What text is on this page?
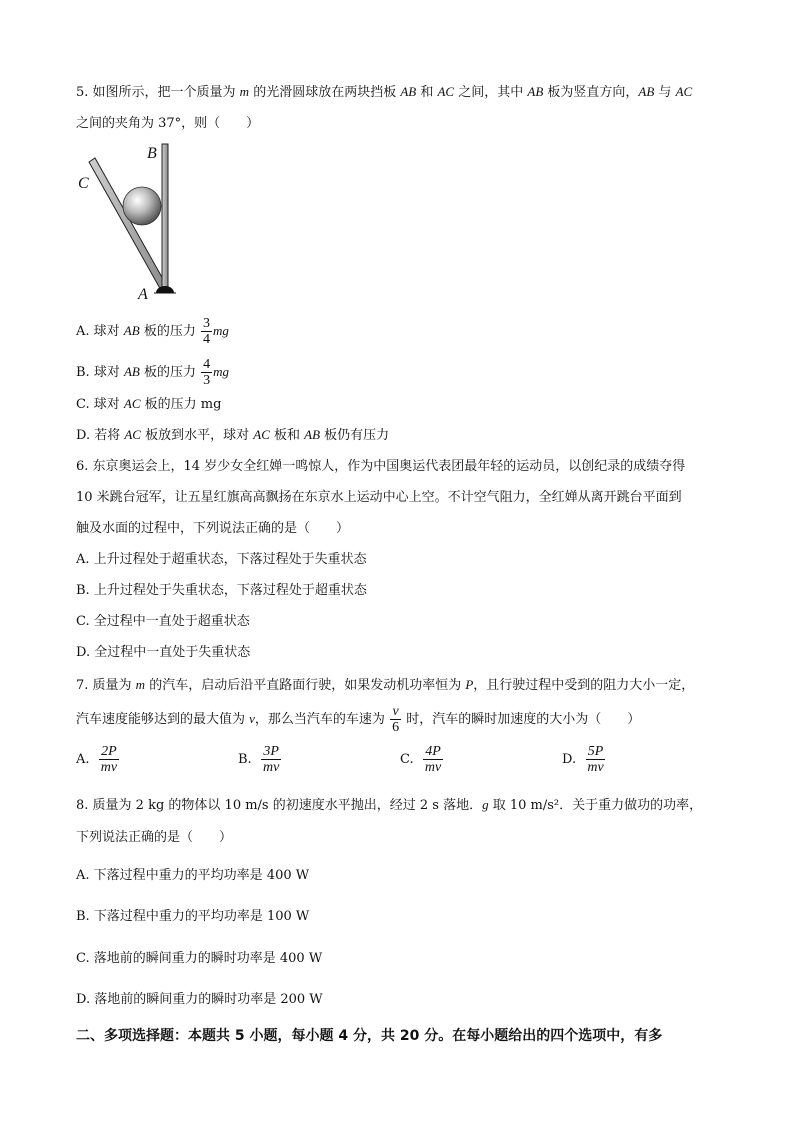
5. 如图所示，把一个质量为 m 的光滑圆球放在两块挡板 AB 和 AC 之间，其中 AB 板为竖直方向，AB 与 AC
之间的夹角为 37°，则（　　）
B
C
A
A. 球对 AB 板的压力 $\frac{3}{4}$ mg
B. 球对 AB 板的压力 $\frac{4}{3}$ mg
C. 球对 AC 板的压力 mg
D. 若将 AC 板放到水平，球对 AC 板和 AB 板仍有压力
6. 东京奥运会上，14 岁少女全红婵一鸣惊人，作为中国奥运代表团最年轻的运动员，以创纪录的成绩夺得
10 米跳台冠军，让五星红旗高高飘扬在东京水上运动中心上空。不计空气阻力，全红婵从离开跳台平面到
触及水面的过程中，下列说法正确的是（　　）
A. 上升过程处于超重状态，下落过程处于失重状态
B. 上升过程处于失重状态，下落过程处于超重状态
C. 全过程中一直处于超重状态
D. 全过程中一直处于失重状态
7. 质量为 m 的汽车，启动后沿平直路面行驶，如果发动机功率恒为 P，且行驶过程中受到的阻力大小一定，
汽车速度能够达到的最大值为 v，那么当汽车的车速为 $\frac{v}{6}$ 时，汽车的瞬时加速度的大小为（　　）
A. $\frac{2P}{mv}$	B. $\frac{3P}{mv}$	C. $\frac{4P}{mv}$	D. $\frac{5P}{mv}$
8. 质量为 2 kg 的物体以 10 m/s 的初速度水平抛出，经过 2 s 落地．g 取 10 m/s²．关于重力做功的功率，
下列说法正确的是（　　）
A. 下落过程中重力的平均功率是 400 W
B. 下落过程中重力的平均功率是 100 W
C. 落地前的瞬间重力的瞬时功率是 400 W
D. 落地前的瞬间重力的瞬时功率是 200 W
二、多项选择题：本题共 5 小题，每小题 4 分，共 20 分。在每小题给出的四个选项中，有多
